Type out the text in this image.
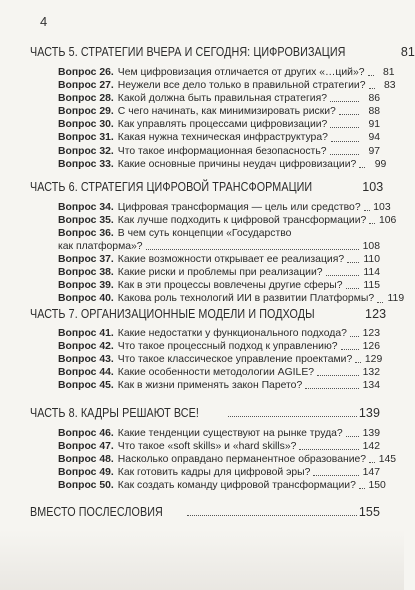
4
ЧАСТЬ 5. СТРАТЕГИИ ВЧЕРА И СЕГОДНЯ: ЦИФРОВИЗАЦИЯ	81
Вопрос 26. Чем цифровизация отличается от других «…ций»?	81
Вопрос 27. Неужели все дело только в правильной стратегии?	83
Вопрос 28. Какой должна быть правильная стратегия?	86
Вопрос 29. С чего начинать, как минимизировать риски?	88
Вопрос 30. Как управлять процессами цифровизации?	91
Вопрос 31. Какая нужна техническая инфраструктура?	94
Вопрос 32. Что такое информационная безопасность?	97
Вопрос 33. Какие основные причины неудач цифровизации?	99
ЧАСТЬ 6. СТРАТЕГИЯ ЦИФРОВОЙ ТРАНСФОРМАЦИИ	103
Вопрос 34. Цифровая трансформация — цель или средство? 103
Вопрос 35. Как лучше подходить к цифровой трансформации? 106
Вопрос 36. В чем суть концепции «Государство
как платформа»?	108
Вопрос 37. Какие возможности открывает ее реализация? 110
Вопрос 38. Какие риски и проблемы при реализации?	114
Вопрос 39. Как в эти процессы вовлечены другие сферы? 115
Вопрос 40. Какова роль технологий ИИ в развитии Платформы? 119
ЧАСТЬ 7. ОРГАНИЗАЦИОННЫЕ МОДЕЛИ И ПОДХОДЫ	123
Вопрос 41. Какие недостатки у функционального подхода? 123
Вопрос 42. Что такое процессный подход к управлению? 126
Вопрос 43. Что такое классическое управление проектами? 129
Вопрос 44. Какие особенности методологии AGILE?	132
Вопрос 45. Как в жизни применять закон Парето?	134
ЧАСТЬ 8. КАДРЫ РЕШАЮТ ВСЕ!	139
Вопрос 46. Какие тенденции существуют на рынке труда? 139
Вопрос 47. Что такое «soft skills» и «hard skills»?	142
Вопрос 48. Насколько оправдано перманентное образование? 145
Вопрос 49. Как готовить кадры для цифровой эры?	147
Вопрос 50. Как создать команду цифровой трансформации? 150
ВМЕСТО ПОСЛЕСЛОВИЯ	155
